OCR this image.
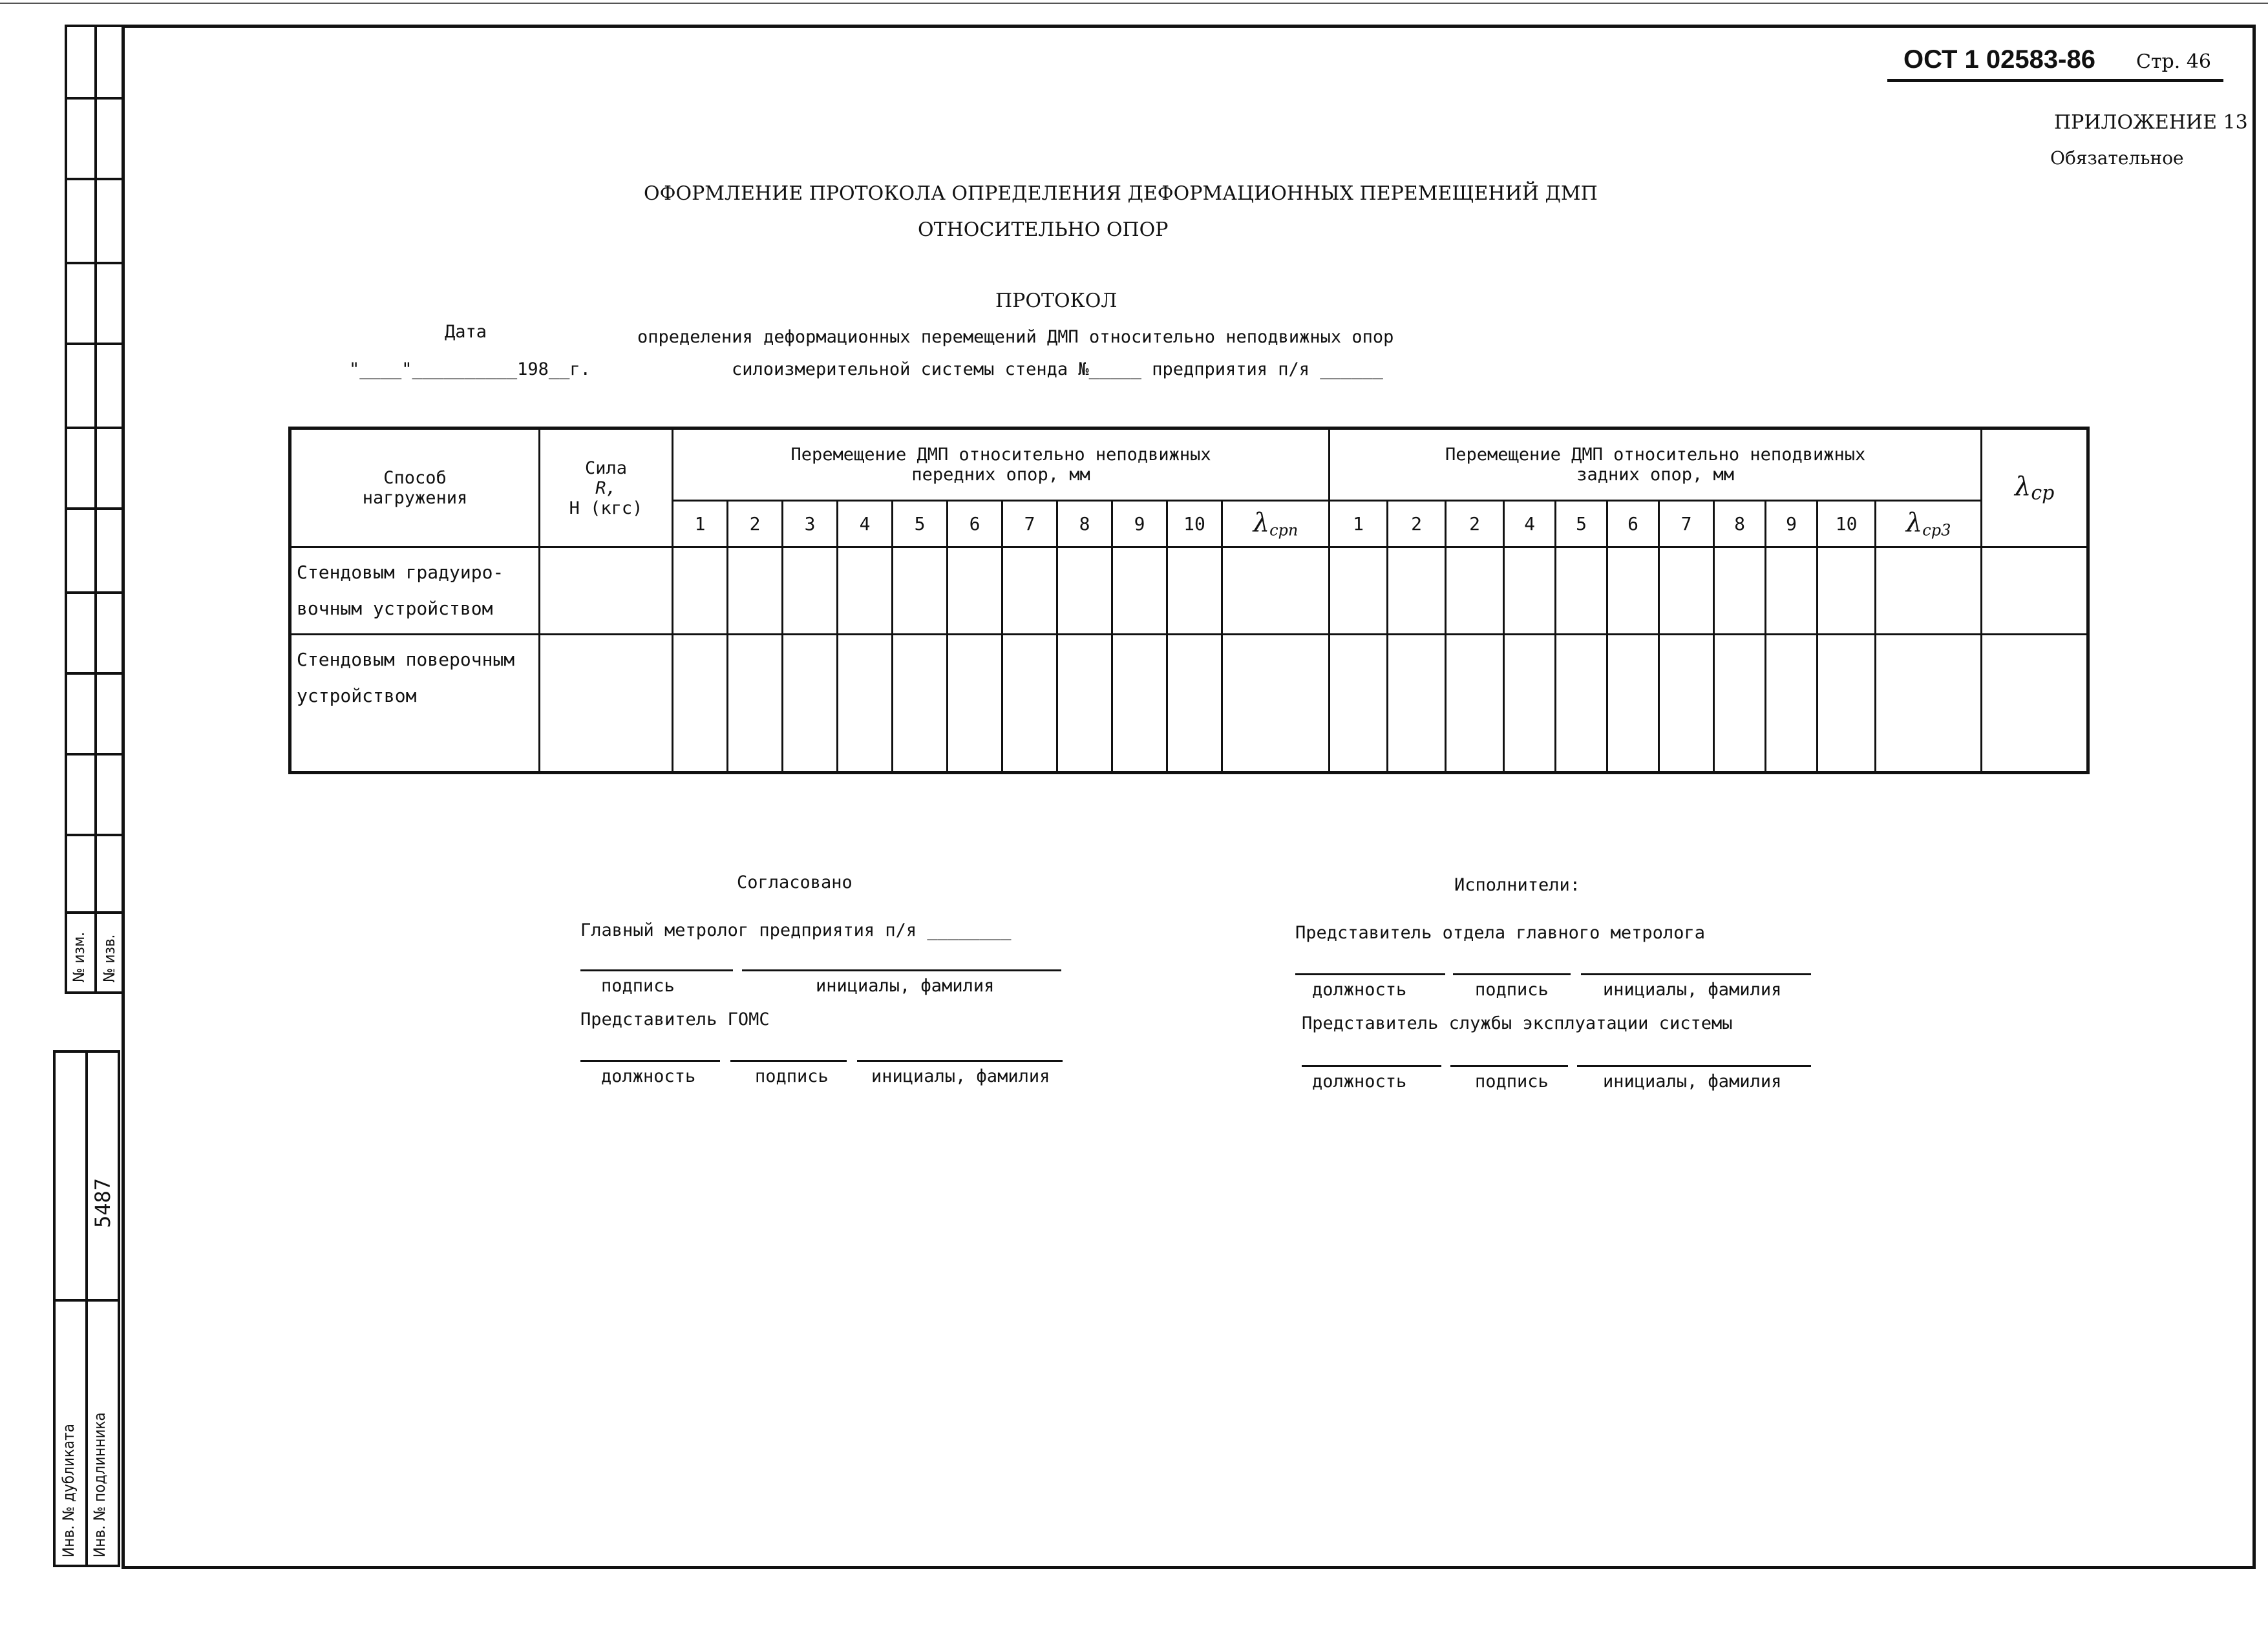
№ изм. № изв.
5487
Инв. № дубликата Инв. № подлинника
ОСТ 1 02583-86 Стр. 46
ПРИЛОЖЕНИЕ 13
Обязательное
ОФОРМЛЕНИЕ ПРОТОКОЛА ОПРЕДЕЛЕНИЯ ДЕФОРМАЦИОННЫХ ПЕРЕМЕЩЕНИЙ ДМП
ОТНОСИТЕЛЬНО ОПОР
ПРОТОКОЛ
Дата	определения деформационных перемещений ДМП относительно неподвижных опор
"____"__________198__г.	силоизмерительной системы стенда №_____ предприятия п/я ______
Способ нагружения	Сила
R,
Н (кгс)	Перемещение ДМП относительно неподвижных передних опор, мм											Перемещение ДМП относительно неподвижных задних опор, мм											$\lambda_{ср}$
		1	2	3	4	5	6	7	8	9	10	$\lambda_{срп}$	1	2	2	4	5	6	7	8	9	10	$\lambda_{ср3}$

Стендовым градуиро-
вочным устройством																								

Стендовым поверочным
устройством																								

Согласовано
Главный метролог предприятия п/я ________
подпись	инициалы, фамилия
Представитель ГОМС
должность	подпись инициалы, фамилия
Исполнители:
Представитель отдела главного метролога
должность	подпись	инициалы, фамилия
Представитель службы эксплуатации системы
должность	подпись	инициалы, фамилия
